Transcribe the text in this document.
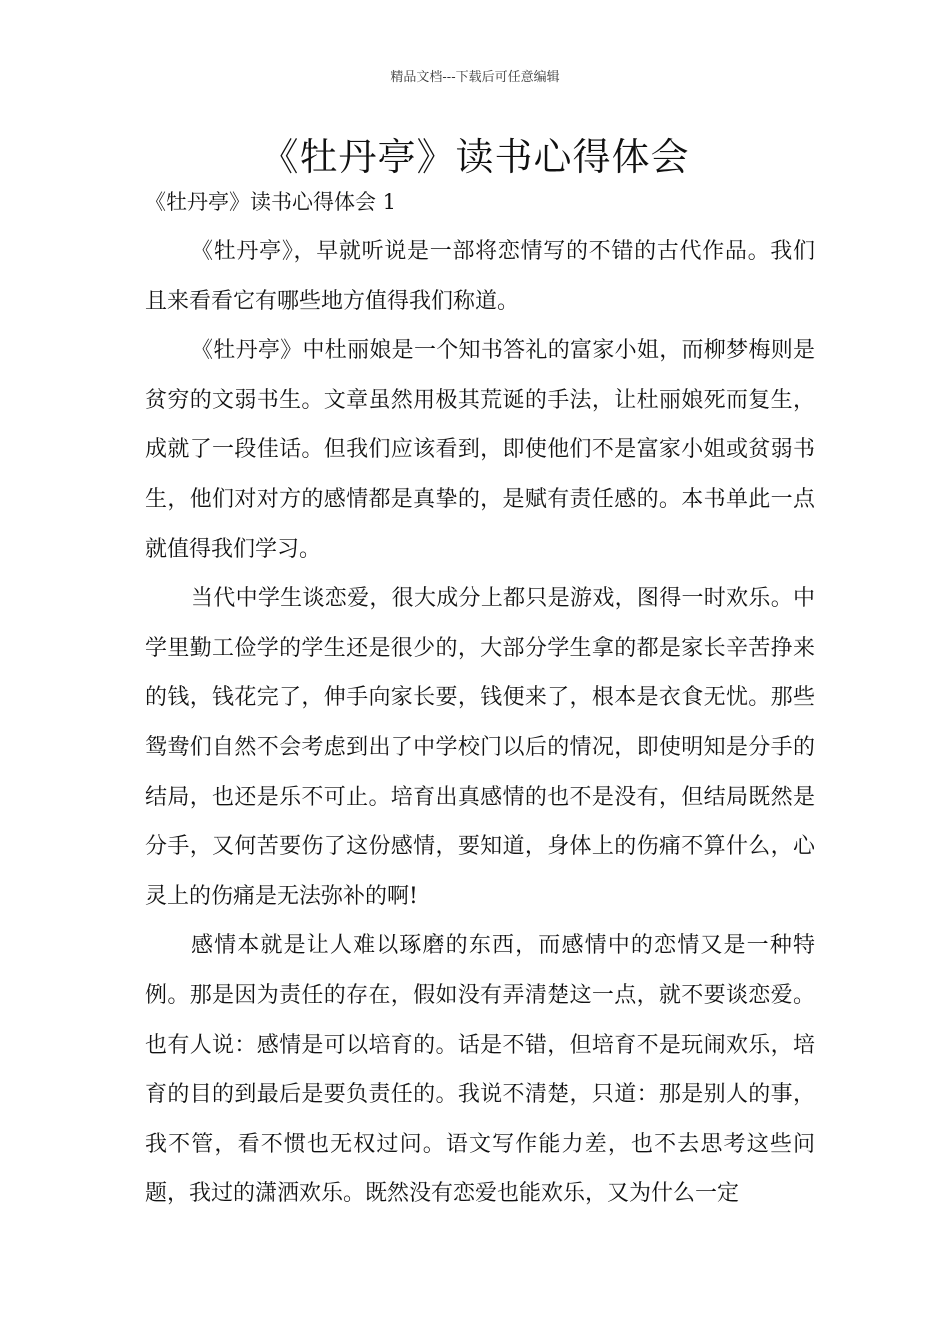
精品文档---下载后可任意编辑
《牡丹亭》读书心得体会

《牡丹亭》读书心得体会 1

《牡丹亭》，早就听说是一部将恋情写的不错的古代作品。我们且来看看它有哪些地方值得我们称道。

《牡丹亭》中杜丽娘是一个知书答礼的富家小姐，而柳梦梅则是贫穷的文弱书生。文章虽然用极其荒诞的手法，让杜丽娘死而复生，成就了一段佳话。但我们应该看到，即使他们不是富家小姐或贫弱书生，他们对对方的感情都是真挚的，是赋有责任感的。本书单此一点就值得我们学习。

当代中学生谈恋爱，很大成分上都只是游戏，图得一时欢乐。中学里勤工俭学的学生还是很少的，大部分学生拿的都是家长辛苦挣来的钱，钱花完了，伸手向家长要，钱便来了，根本是衣食无忧。那些鸳鸯们自然不会考虑到出了中学校门以后的情况，即使明知是分手的结局，也还是乐不可止。培育出真感情的也不是没有，但结局既然是分手，又何苦要伤了这份感情，要知道，身体上的伤痛不算什么，心灵上的伤痛是无法弥补的啊!

感情本就是让人难以琢磨的东西，而感情中的恋情又是一种特例。那是因为责任的存在，假如没有弄清楚这一点，就不要谈恋爱。也有人说：感情是可以培育的。话是不错，但培育不是玩闹欢乐，培育的目的到最后是要负责任的。我说不清楚，只道：那是别人的事，我不管，看不惯也无权过问。语文写作能力差，也不去思考这些问题，我过的潇洒欢乐。既然没有恋爱也能欢乐，又为什么一定
